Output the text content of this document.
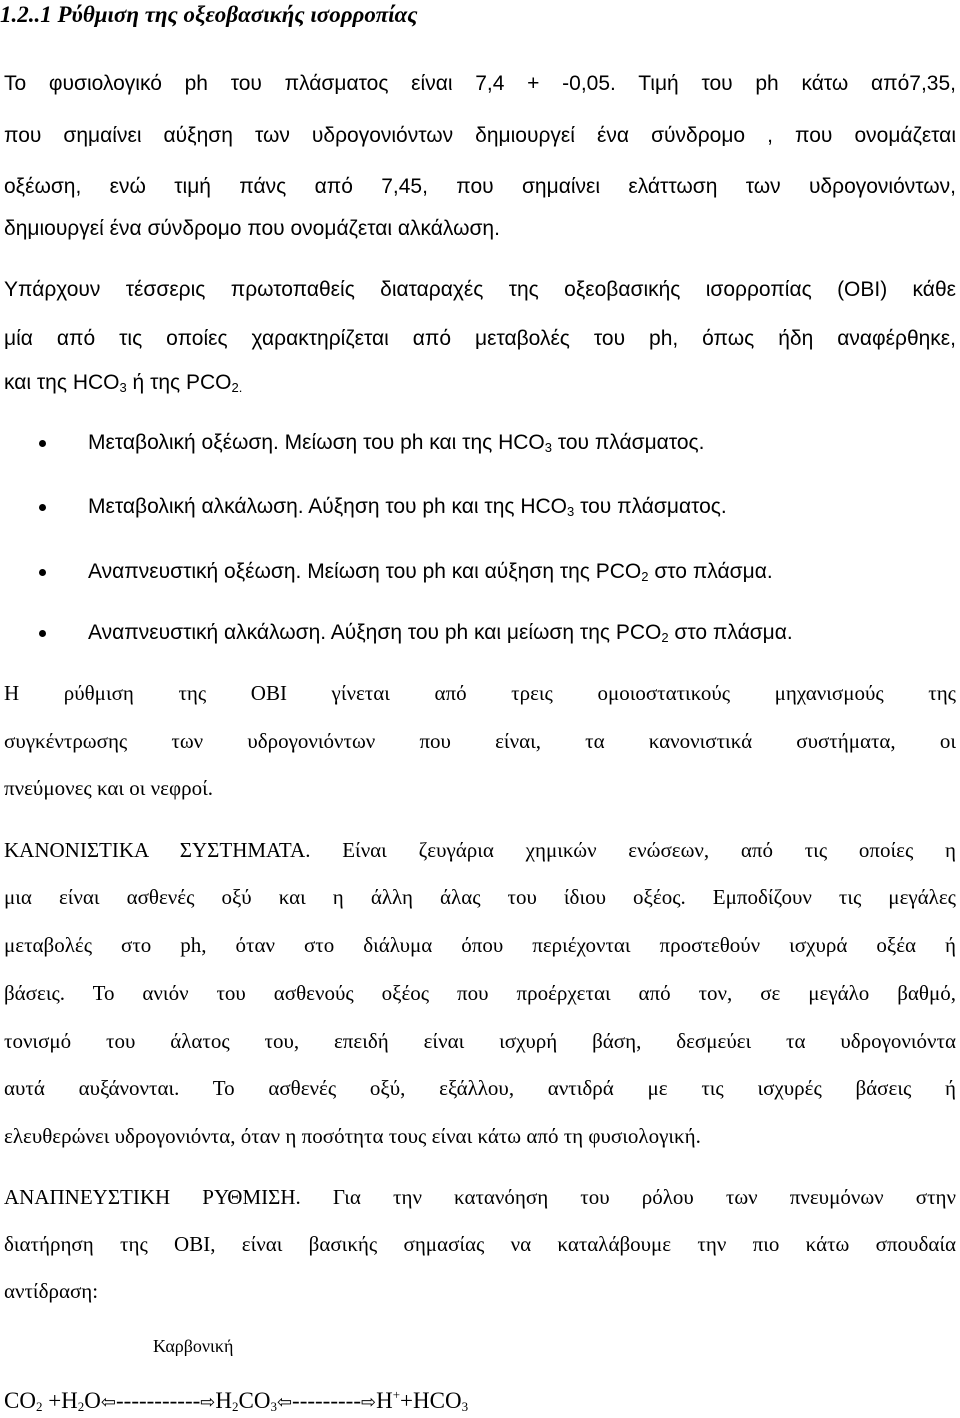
1.2..1 Ρύθμιση της οξεοβασικής ισορροπίας
Το φυσιολογικό ph του πλάσματος είναι 7,4 + -0,05. Τιμή του ph κάτω από7,35,
που σημαίνει αύξηση των υδρογονιόντων δημιουργεί ένα σύνδρομο , που ονομάζεται
οξέωση, ενώ τιμή πάνς από 7,45, που σημαίνει ελάττωση των υδρογονιόντων,
δημιουργεί ένα σύνδρομο που ονομάζεται αλκάλωση.
Υπάρχουν τέσσερις πρωτοπαθείς διαταραχές της οξεοβασικής ισορροπίας (ΟΒΙ) κάθε
μία από τις οποίες χαρακτηρίζεται από μεταβολές του ph, όπως ήδη αναφέρθηκε,
και της $HCO_3$ ή της $PCO_{2.}$
Μεταβολική οξέωση. Μείωση του ph και της $HCO_3$ του πλάσματος.
Μεταβολική αλκάλωση. Αύξηση του ph και της $HCO_3$ του πλάσματος.
Αναπνευστική οξέωση. Μείωση του ph και αύξηση της $PCO_2$ στο πλάσμα.
Αναπνευστική αλκάλωση. Αύξηση του ph και μείωση της $PCO_2$ στο πλάσμα.
Η ρύθμιση της ΟΒΙ γίνεται από τρεις ομοιοστατικούς μηχανισμούς της
συγκέντρωσης των υδρογονιόντων που είναι, τα κανονιστικά συστήματα, οι
πνεύμονες και οι νεφροί.
ΚΑΝΟΝΙΣΤΙΚΑ ΣΥΣΤΗΜΑΤΑ. Είναι ζευγάρια χημικών ενώσεων, από τις οποίες η
μια είναι ασθενές οξύ και η άλλη άλας του ίδιου οξέος. Εμποδίζουν τις μεγάλες
μεταβολές στο ph, όταν στο διάλυμα όπου περιέχονται προστεθούν ισχυρά οξέα ή
βάσεις. Το ανιόν του ασθενούς οξέος που προέρχεται από τον, σε μεγάλο βαθμό,
τονισμό του άλατος του, επειδή είναι ισχυρή βάση, δεσμεύει τα υδρογονιόντα
αυτά αυξάνονται. Το ασθενές οξύ, εξάλλου, αντιδρά με τις ισχυρές βάσεις ή
ελευθερώνει υδρογονιόντα, όταν η ποσότητα τους είναι κάτω από τη φυσιολογική.
ΑΝΑΠΝΕΥΣΤΙΚΗ ΡΥΘΜΙΣΗ. Για την κατανόηση του ρόλου των πνευμόνων στην
διατήρηση της ΟΒΙ, είναι βασικής σημασίας να καταλάβουμε την πιο κάτω σπουδαία
αντίδραση:
Καρβονική
$CO_2$ $+H_2O⇦-----------⇨H_2CO_3⇦---------⇨H^++HCO_3$
